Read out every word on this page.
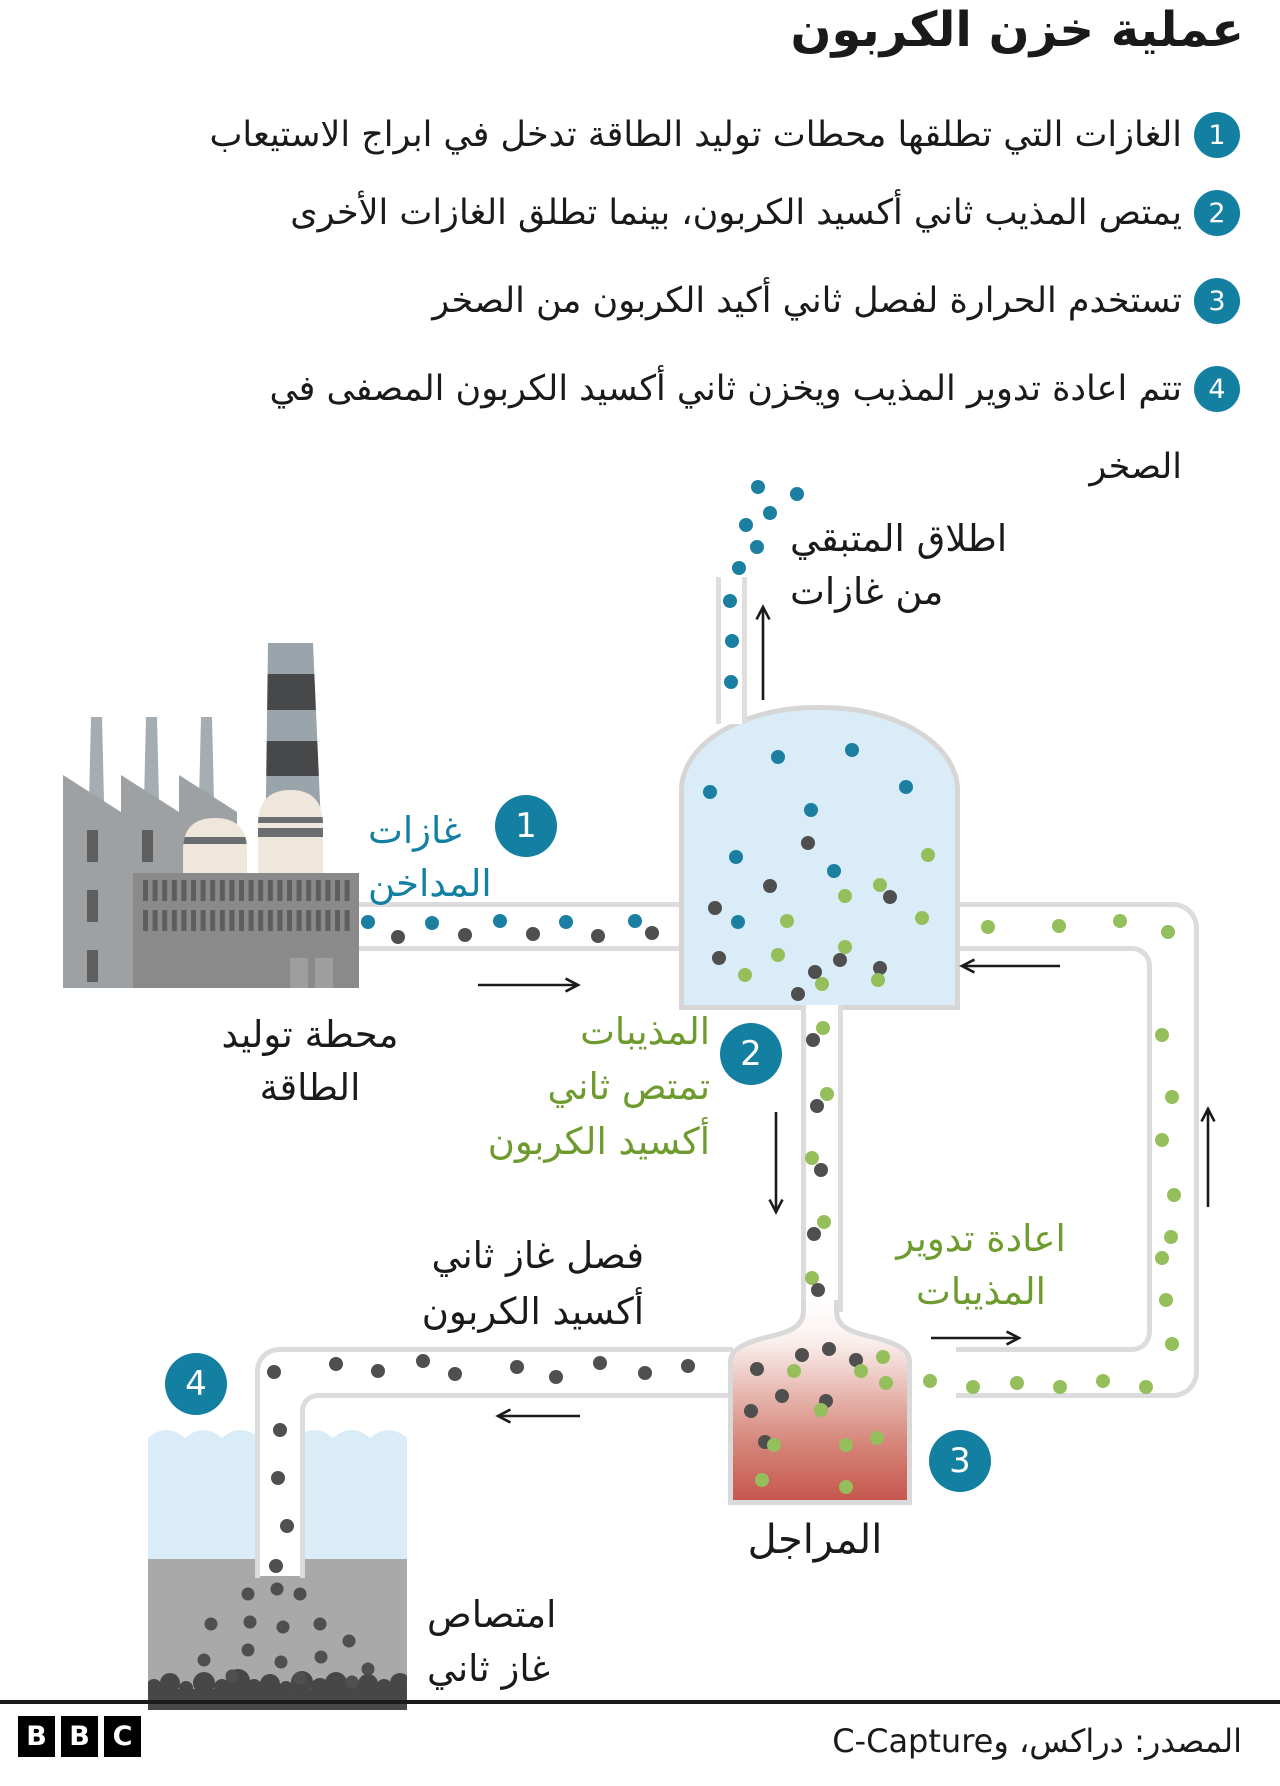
عملية خزن الكربون
1
الغازات التي تطلقها محطات توليد الطاقة تدخل في ابراج الاستيعاب
2
يمتص المذيب ثاني أكسيد الكربون، بينما تطلق الغازات الأخرى
3
تستخدم الحرارة لفصل ثاني أكيد الكربون من الصخر
4
تتم اعادة تدوير المذيب ويخزن ثاني أكسيد الكربون المصفى في
الصخر
1
2
3
4
اطلاق المتبقي
من غازات
غازات
المداخن
محطة توليد
الطاقة
المذيبات
تمتص ثاني
أكسيد الكربون
فصل غاز ثاني
أكسيد الكربون
اعادة تدوير
المذيبات
المراجل
امتصاص
غاز ثاني
B B C	المصدر: دراكس، وC-Capture
